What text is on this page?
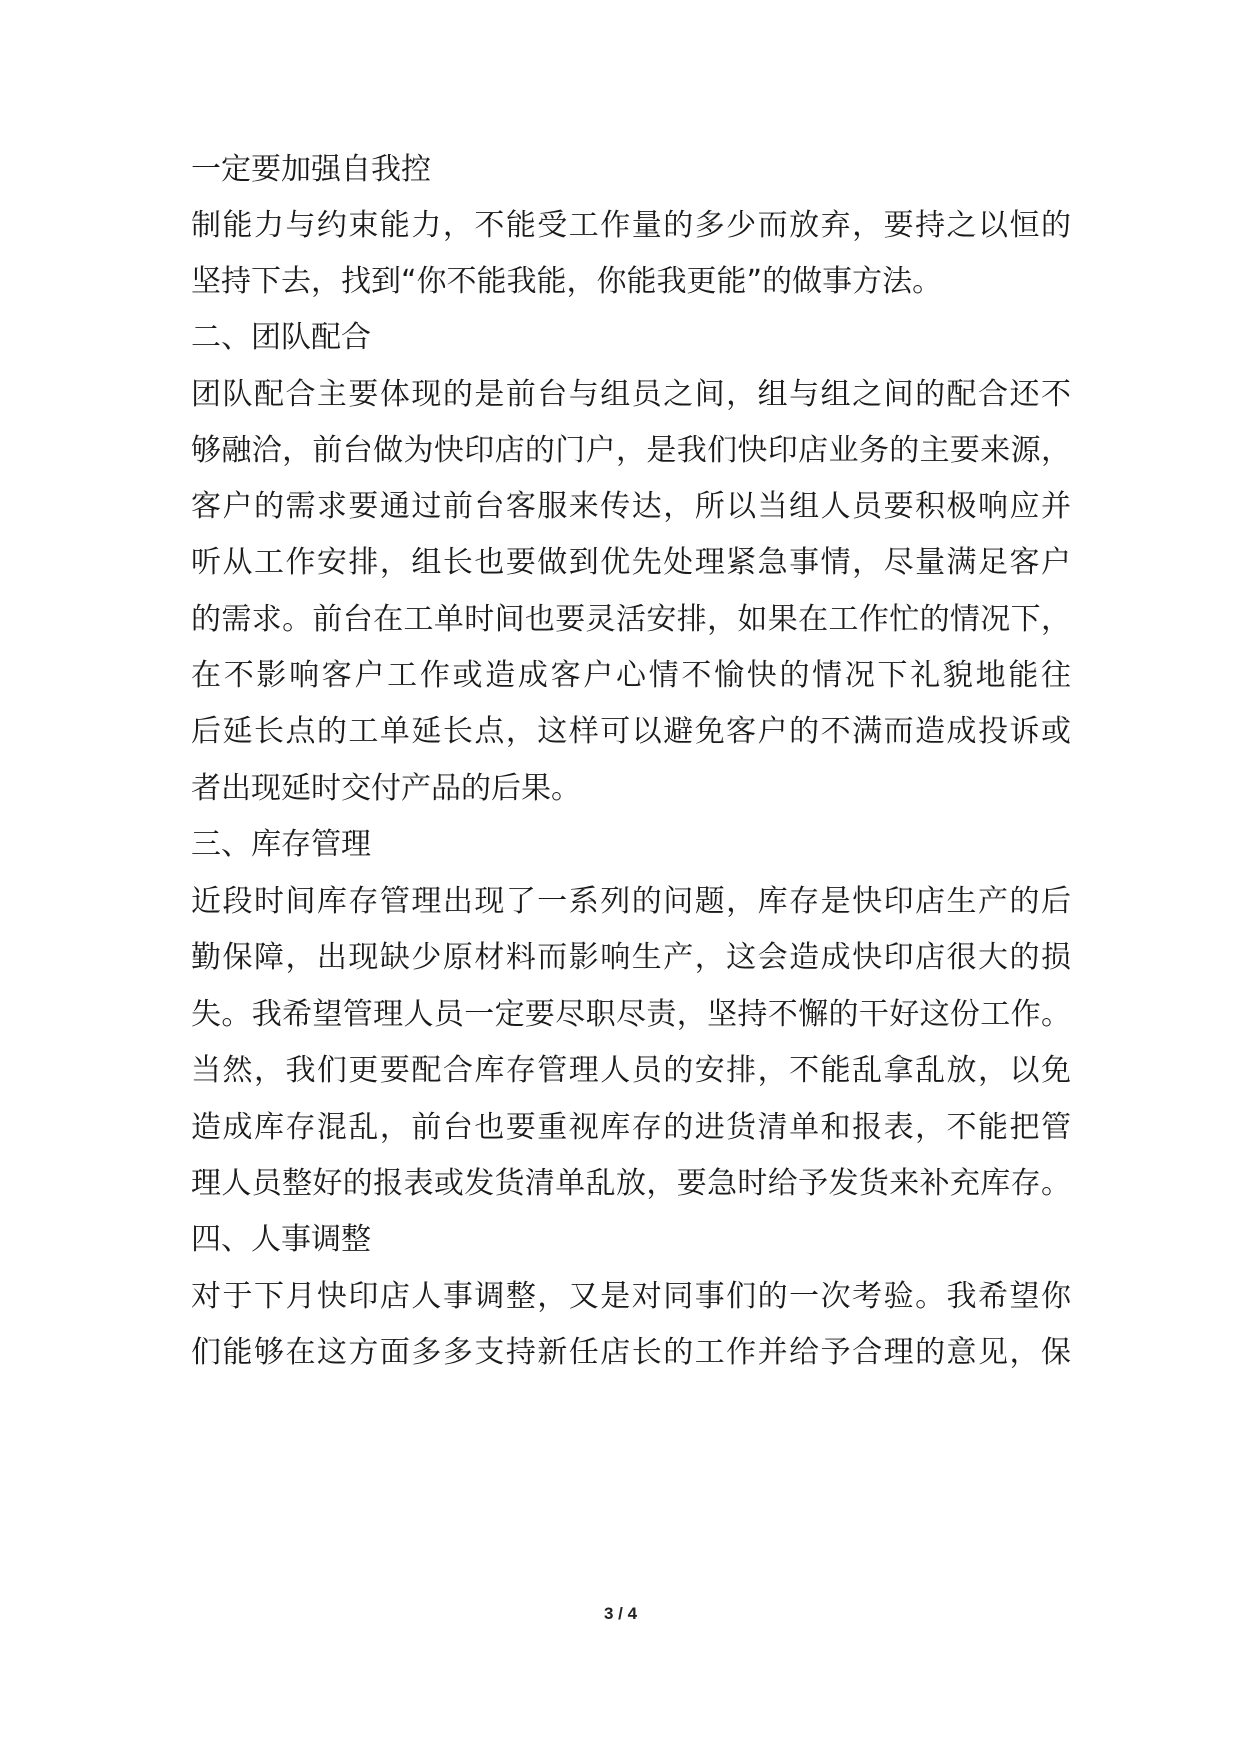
一定要加强自我控
制能力与约束能力，不能受工作量的多少而放弃，要持之以恒的
坚持下去，找到“你不能我能，你能我更能”的做事方法。
二、团队配合
团队配合主要体现的是前台与组员之间，组与组之间的配合还不
够融洽，前台做为快印店的门户，是我们快印店业务的主要来源，
客户的需求要通过前台客服来传达，所以当组人员要积极响应并
听从工作安排，组长也要做到优先处理紧急事情，尽量满足客户
的需求。前台在工单时间也要灵活安排，如果在工作忙的情况下，
在不影响客户工作或造成客户心情不愉快的情况下礼貌地能往
后延长点的工单延长点，这样可以避免客户的不满而造成投诉或
者出现延时交付产品的后果。
三、库存管理
近段时间库存管理出现了一系列的问题，库存是快印店生产的后
勤保障，出现缺少原材料而影响生产，这会造成快印店很大的损
失。我希望管理人员一定要尽职尽责，坚持不懈的干好这份工作。
当然，我们更要配合库存管理人员的安排，不能乱拿乱放，以免
造成库存混乱，前台也要重视库存的进货清单和报表，不能把管
理人员整好的报表或发货清单乱放，要急时给予发货来补充库存。
四、人事调整
对于下月快印店人事调整，又是对同事们的一次考验。我希望你
们能够在这方面多多支持新任店长的工作并给予合理的意见，保
3 / 4
